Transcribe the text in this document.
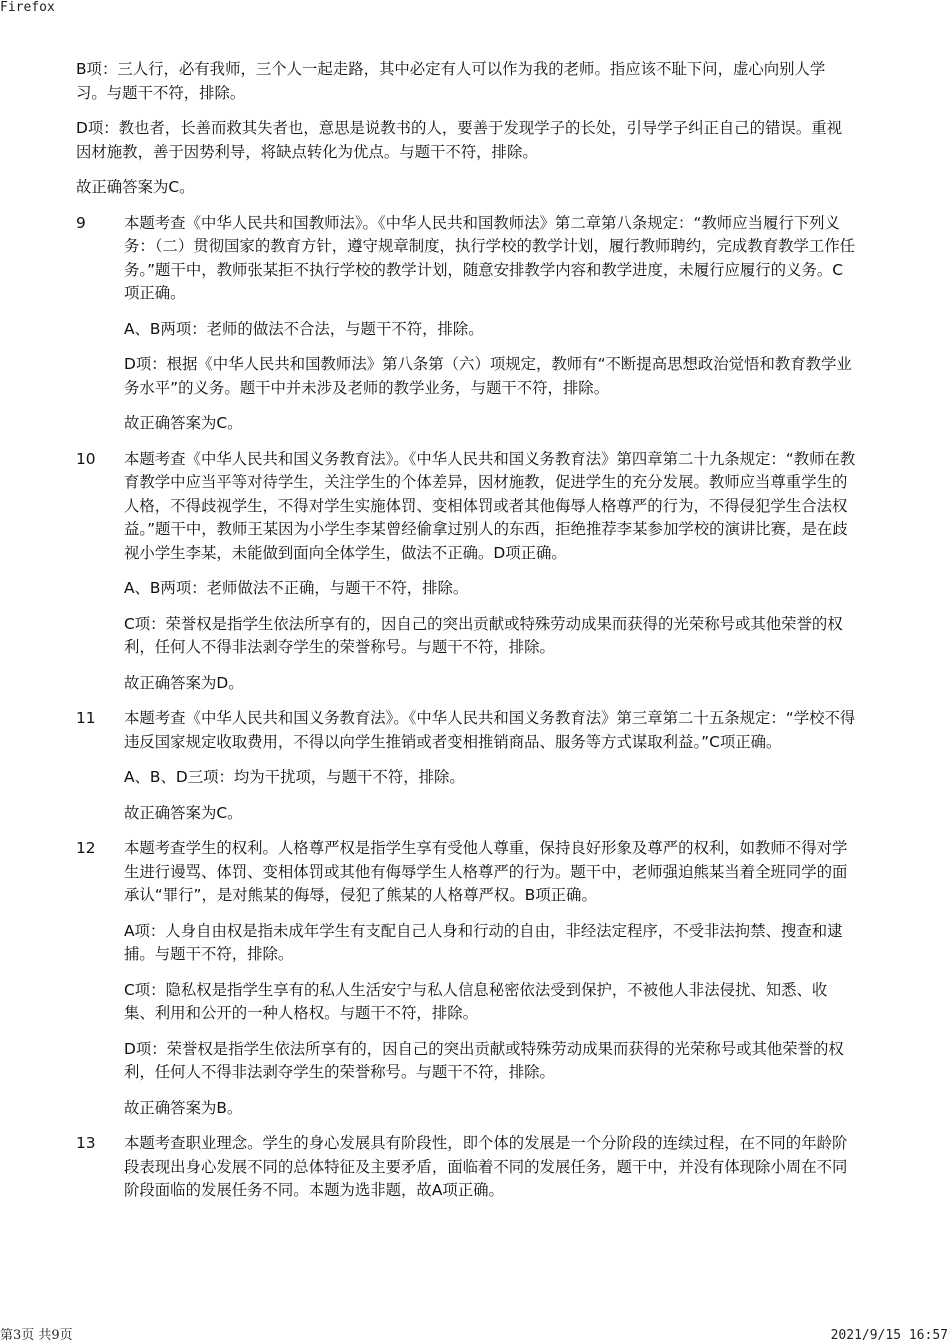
Firefox

B项：三人行，必有我师，三个人一起走路，其中必定有人可以作为我的老师。指应该不耻下问，虚心向别人学习。与题干不符，排除。

D项：教也者，长善而救其失者也，意思是说教书的人，要善于发现学子的长处，引导学子纠正自己的错误。重视因材施教，善于因势利导，将缺点转化为优点。与题干不符，排除。

故正确答案为C。

9	本题考查《中华人民共和国教师法》。《中华人民共和国教师法》第二章第八条规定：“教师应当履行下列义务：（二）贯彻国家的教育方针，遵守规章制度，执行学校的教学计划，履行教师聘约，完成教育教学工作任务。”题干中，教师张某拒不执行学校的教学计划，随意安排教学内容和教学进度，未履行应履行的义务。C项正确。

A、B两项：老师的做法不合法，与题干不符，排除。

D项：根据《中华人民共和国教师法》第八条第（六）项规定，教师有“不断提高思想政治觉悟和教育教学业务水平”的义务。题干中并未涉及老师的教学业务，与题干不符，排除。

故正确答案为C。

10	本题考查《中华人民共和国义务教育法》。《中华人民共和国义务教育法》第四章第二十九条规定：“教师在教育教学中应当平等对待学生，关注学生的个体差异，因材施教，促进学生的充分发展。教师应当尊重学生的人格，不得歧视学生，不得对学生实施体罚、变相体罚或者其他侮辱人格尊严的行为，不得侵犯学生合法权益。”题干中，教师王某因为小学生李某曾经偷拿过别人的东西，拒绝推荐李某参加学校的演讲比赛，是在歧视小学生李某，未能做到面向全体学生，做法不正确。D项正确。

A、B两项：老师做法不正确，与题干不符，排除。

C项：荣誉权是指学生依法所享有的，因自己的突出贡献或特殊劳动成果而获得的光荣称号或其他荣誉的权利，任何人不得非法剥夺学生的荣誉称号。与题干不符，排除。

故正确答案为D。

11	本题考查《中华人民共和国义务教育法》。《中华人民共和国义务教育法》第三章第二十五条规定：“学校不得违反国家规定收取费用，不得以向学生推销或者变相推销商品、服务等方式谋取利益。”C项正确。

A、B、D三项：均为干扰项，与题干不符，排除。

故正确答案为C。

12	本题考查学生的权利。人格尊严权是指学生享有受他人尊重，保持良好形象及尊严的权利，如教师不得对学生进行谩骂、体罚、变相体罚或其他有侮辱学生人格尊严的行为。题干中，老师强迫熊某当着全班同学的面承认“罪行”，是对熊某的侮辱，侵犯了熊某的人格尊严权。B项正确。

A项：人身自由权是指未成年学生有支配自己人身和行动的自由，非经法定程序，不受非法拘禁、搜查和逮捕。与题干不符，排除。

C项：隐私权是指学生享有的私人生活安宁与私人信息秘密依法受到保护，不被他人非法侵扰、知悉、收集、利用和公开的一种人格权。与题干不符，排除。

D项：荣誉权是指学生依法所享有的，因自己的突出贡献或特殊劳动成果而获得的光荣称号或其他荣誉的权利，任何人不得非法剥夺学生的荣誉称号。与题干不符，排除。

故正确答案为B。

13	本题考查职业理念。学生的身心发展具有阶段性，即个体的发展是一个分阶段的连续过程，在不同的年龄阶段表现出身心发展不同的总体特征及主要矛盾，面临着不同的发展任务，题干中，并没有体现除小周在不同阶段面临的发展任务不同。本题为选非题，故A项正确。

第3页 共9页	2021/9/15 16:57
